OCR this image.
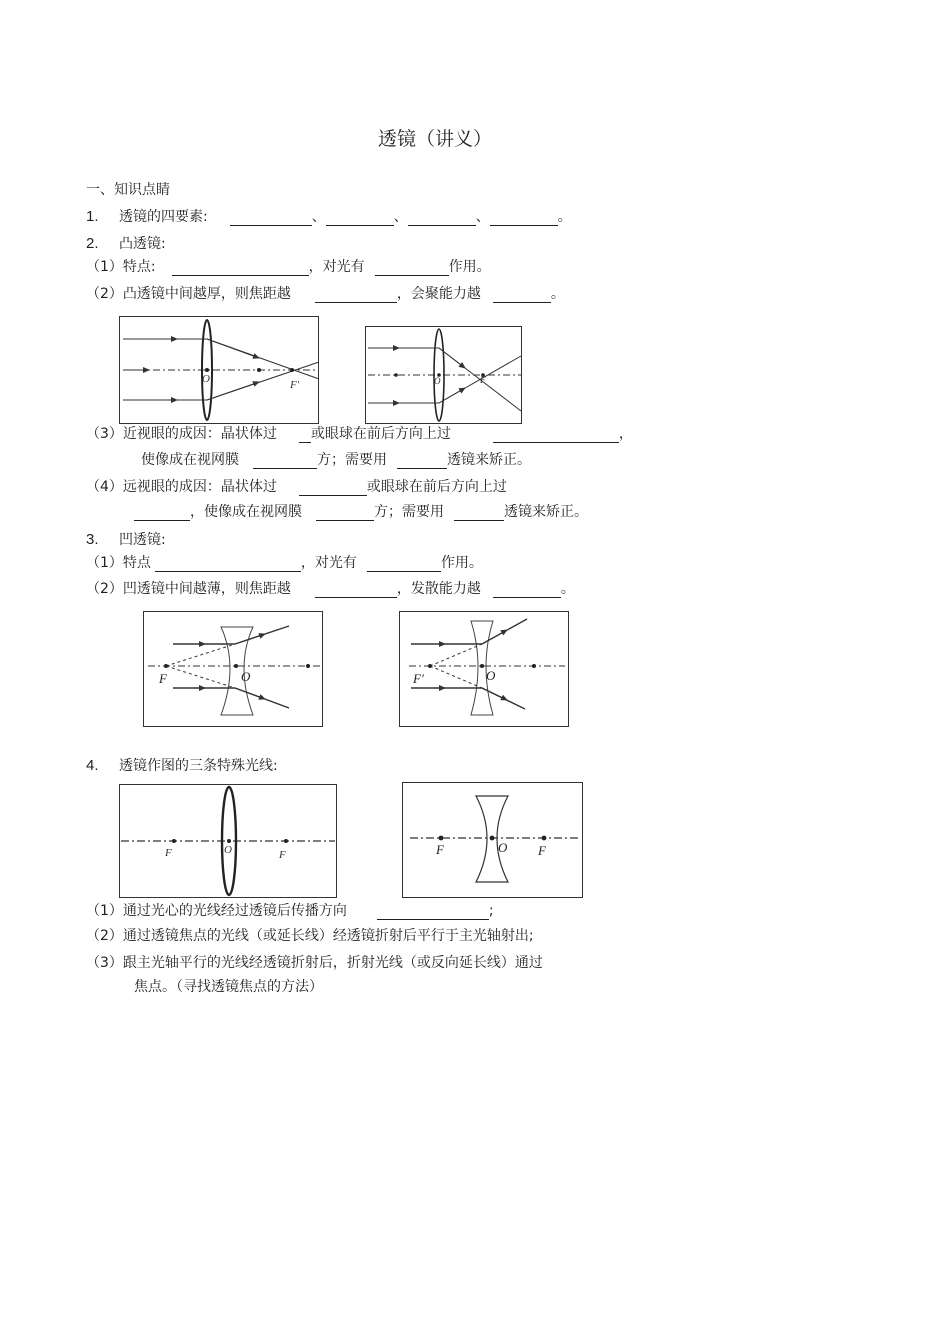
透镜（讲义）
一、知识点睛
1.	透镜的四要素:	、	、	、	。
2.	凸透镜:
（1）特点:	，对光有	作用。
（2）凸透镜中间越厚，则焦距越	，会聚能力越	。
O	F′	O	F
（3）近视眼的成因：晶状体过 或眼球在前后方向上过	，
使像成在视网膜	方；需要用	透镜来矫正。
（4）远视眼的成因：晶状体过	或眼球在前后方向上过
，使像成在视网膜	方；需要用	透镜来矫正。
3.	凹透镜:
（1）特点	，对光有	作用。
（2）凹透镜中间越薄，则焦距越	，发散能力越	。
F	O	F′	O
4.	透镜作图的三条特殊光线:
F	O	F	F	O F
（1）通过光心的光线经过透镜后传播方向	;
（2）通过透镜焦点的光线（或延长线）经透镜折射后平行于主光轴射出;
（3）跟主光轴平行的光线经透镜折射后，折射光线（或反向延长线）通过
焦点。（寻找透镜焦点的方法）
